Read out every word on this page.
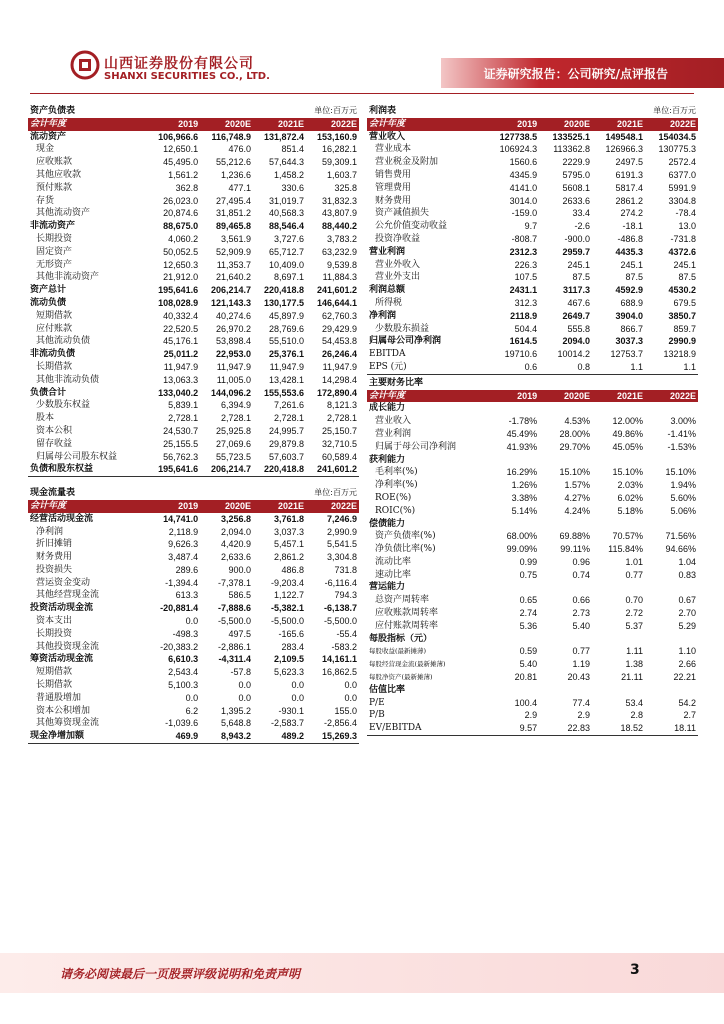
山西证券股份有限公司
SHANXI SECURITIES CO., LTD.	证券研究报告：公司研究/点评报告
资产负债表			单位:百万元	
会计年度	2019	2020E	2021E	2022E
流动资产	106,966.6	116,748.9	131,872.4	153,160.9
现金	12,650.1	476.0	851.4	16,282.1
应收账款	45,495.0	55,212.6	57,644.3	59,309.1
其他应收款	1,561.2	1,236.6	1,458.2	1,603.7
预付账款	362.8	477.1	330.6	325.8
存货	26,023.0	27,495.4	31,019.7	31,832.3
其他流动资产	20,874.6	31,851.2	40,568.3	43,807.9
非流动资产	88,675.0	89,465.8	88,546.4	88,440.2
长期投资	4,060.2	3,561.9	3,727.6	3,783.2
固定资产	50,052.5	52,909.9	65,712.7	63,232.9
无形资产	12,650.3	11,353.7	10,409.0	9,539.8
其他非流动资产	21,912.0	21,640.2	8,697.1	11,884.3
资产总计	195,641.6	206,214.7	220,418.8	241,601.2
流动负债	108,028.9	121,143.3	130,177.5	146,644.1
短期借款	40,332.4	40,274.6	45,897.9	62,760.3
应付账款	22,520.5	26,970.2	28,769.6	29,429.9
其他流动负债	45,176.1	53,898.4	55,510.0	54,453.8
非流动负债	25,011.2	22,953.0	25,376.1	26,246.4
长期借款	11,947.9	11,947.9	11,947.9	11,947.9
其他非流动负债	13,063.3	11,005.0	13,428.1	14,298.4
负债合计	133,040.2	144,096.2	155,553.6	172,890.4
少数股东权益	5,839.1	6,394.9	7,261.6	8,121.3
股本	2,728.1	2,728.1	2,728.1	2,728.1
资本公积	24,530.7	25,925.8	24,995.7	25,150.7
留存收益	25,155.5	27,069.6	29,879.8	32,710.5
归属母公司股东权益	56,762.3	55,723.5	57,603.7	60,589.4
负债和股东权益	195,641.6	206,214.7	220,418.8	241,601.2
现金流量表			单位:百万元	
会计年度	2019	2020E	2021E	2022E
经营活动现金流	14,741.0	3,256.8	3,761.8	7,246.9
净利润	2,118.9	2,094.0	3,037.3	2,990.9
折旧摊销	9,626.3	4,420.9	5,457.1	5,541.5
财务费用	3,487.4	2,633.6	2,861.2	3,304.8
投资损失	289.6	900.0	486.8	731.8
营运资金变动	-1,394.4	-7,378.1	-9,203.4	-6,116.4
其他经营现金流	613.3	586.5	1,122.7	794.3
投资活动现金流	-20,881.4	-7,888.6	-5,382.1	-6,138.7
资本支出	0.0	-5,500.0	-5,500.0	-5,500.0
长期投资	-498.3	497.5	-165.6	-55.4
其他投资现金流	-20,383.2	-2,886.1	283.4	-583.2
筹资活动现金流	6,610.3	-4,311.4	2,109.5	14,161.1
短期借款	2,543.4	-57.8	5,623.3	16,862.5
长期借款	5,100.3	0.0	0.0	0.0
普通股增加	0.0	0.0	0.0	0.0
资本公积增加	6.2	1,395.2	-930.1	155.0
其他筹资现金流	-1,039.6	5,648.8	-2,583.7	-2,856.4
现金净增加额	469.9	8,943.2	489.2	15,269.3
利润表			单位:百万元	
会计年度	2019	2020E	2021E	2022E
营业收入	127738.5	133525.1	149548.1	154034.5
营业成本	106924.3	113362.8	126966.3	130775.3
营业税金及附加	1560.6	2229.9	2497.5	2572.4
销售费用	4345.9	5795.0	6191.3	6377.0
管理费用	4141.0	5608.1	5817.4	5991.9
财务费用	3014.0	2633.6	2861.2	3304.8
资产减值损失	-159.0	33.4	274.2	-78.4
公允价值变动收益	9.7	-2.6	-18.1	13.0
投资净收益	-808.7	-900.0	-486.8	-731.8
营业利润	2312.3	2959.7	4435.3	4372.6
营业外收入	226.3	245.1	245.1	245.1
营业外支出	107.5	87.5	87.5	87.5
利润总额	2431.1	3117.3	4592.9	4530.2
所得税	312.3	467.6	688.9	679.5
净利润	2118.9	2649.7	3904.0	3850.7
少数股东损益	504.4	555.8	866.7	859.7
归属母公司净利润	1614.5	2094.0	3037.3	2990.9
EBITDA	19710.6	10014.2	12753.7	13218.9
EPS (元)	0.6	0.8	1.1	1.1
主要财务比率				
会计年度	2019	2020E	2021E	2022E
成长能力				
营业收入	-1.78%	4.53%	12.00%	3.00%
营业利润	45.49%	28.00%	49.86%	-1.41%
归属于母公司净利润	41.93%	29.70%	45.05%	-1.53%
获利能力				
毛利率(%)	16.29%	15.10%	15.10%	15.10%
净利率(%)	1.26%	1.57%	2.03%	1.94%
ROE(%)	3.38%	4.27%	6.02%	5.60%
ROIC(%)	5.14%	4.24%	5.18%	5.06%
偿债能力				
资产负债率(%)	68.00%	69.88%	70.57%	71.56%
净负债比率(%)	99.09%	99.11%	115.84%	94.66%
流动比率	0.99	0.96	1.01	1.04
速动比率	0.75	0.74	0.77	0.83
营运能力				
总资产周转率	0.65	0.66	0.70	0.67
应收账款周转率	2.74	2.73	2.72	2.70
应付账款周转率	5.36	5.40	5.37	5.29
每股指标（元）				
每股收益(最新摊薄)	0.59	0.77	1.11	1.10
每股经营现金流(最新摊薄)	5.40	1.19	1.38	2.66
每股净资产(最新摊薄)	20.81	20.43	21.11	22.21
估值比率				
P/E	100.4	77.4	53.4	54.2
P/B	2.9	2.9	2.8	2.7
EV/EBITDA	9.57	22.83	18.52	18.11
请务必阅读最后一页股票评级说明和免责声明	3
